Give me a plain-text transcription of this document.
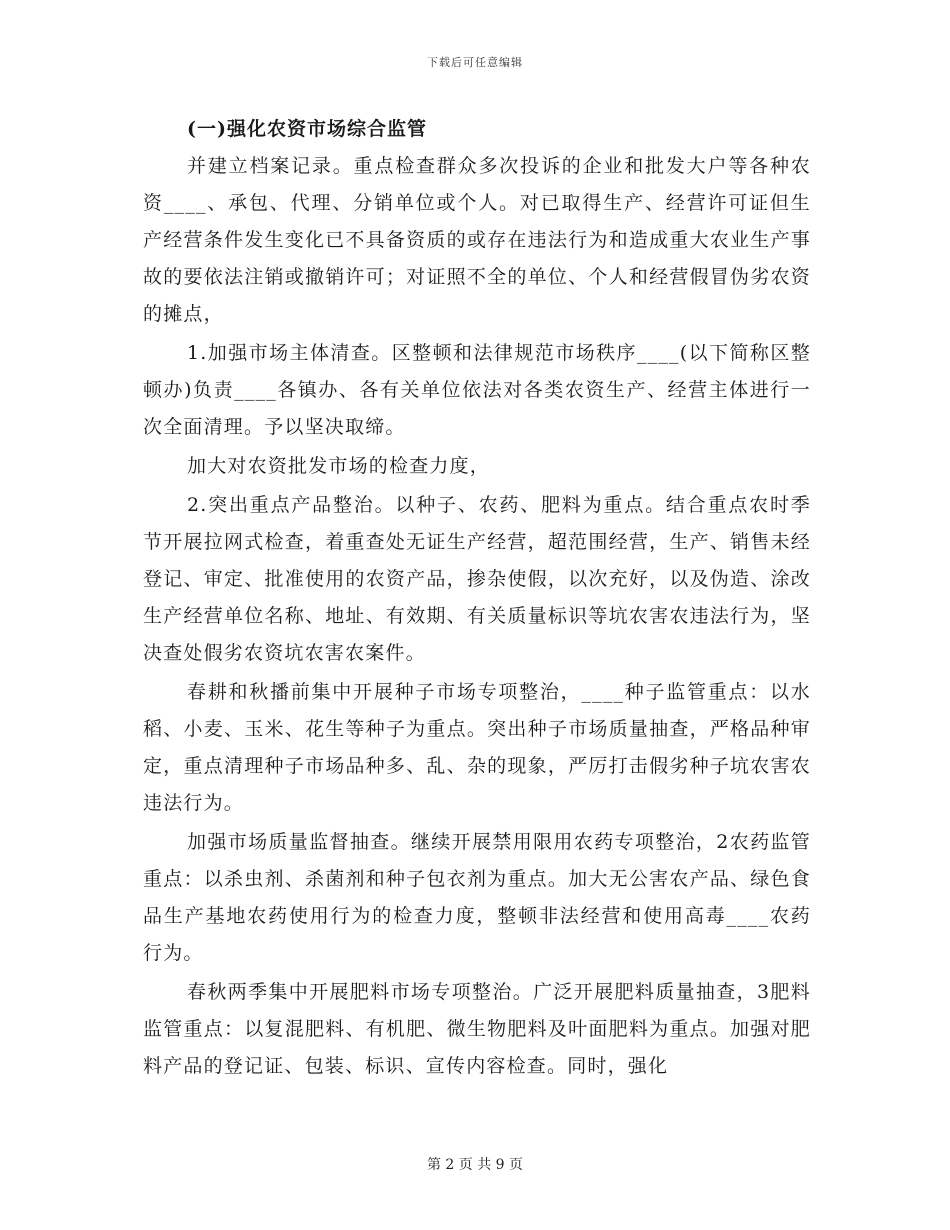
下载后可任意编辑

(一)强化农资市场综合监管

并建立档案记录。重点检查群众多次投诉的企业和批发大户等各种农资____、承包、代理、分销单位或个人。对已取得生产、经营许可证但生产经营条件发生变化已不具备资质的或存在违法行为和造成重大农业生产事故的要依法注销或撤销许可；对证照不全的单位、个人和经营假冒伪劣农资的摊点，

1.加强市场主体清查。区整顿和法律规范市场秩序____(以下简称区整顿办)负责____各镇办、各有关单位依法对各类农资生产、经营主体进行一次全面清理。予以坚决取缔。

加大对农资批发市场的检查力度，

2.突出重点产品整治。以种子、农药、肥料为重点。结合重点农时季节开展拉网式检查，着重查处无证生产经营，超范围经营，生产、销售未经登记、审定、批准使用的农资产品，掺杂使假，以次充好，以及伪造、涂改生产经营单位名称、地址、有效期、有关质量标识等坑农害农违法行为，坚决查处假劣农资坑农害农案件。

春耕和秋播前集中开展种子市场专项整治，____种子监管重点：以水稻、小麦、玉米、花生等种子为重点。突出种子市场质量抽查，严格品种审定，重点清理种子市场品种多、乱、杂的现象，严厉打击假劣种子坑农害农违法行为。

加强市场质量监督抽查。继续开展禁用限用农药专项整治，2农药监管重点：以杀虫剂、杀菌剂和种子包衣剂为重点。加大无公害农产品、绿色食品生产基地农药使用行为的检查力度，整顿非法经营和使用高毒____农药行为。

春秋两季集中开展肥料市场专项整治。广泛开展肥料质量抽查，3肥料监管重点：以复混肥料、有机肥、微生物肥料及叶面肥料为重点。加强对肥料产品的登记证、包装、标识、宣传内容检查。同时，强化

第 2 页 共 9 页
